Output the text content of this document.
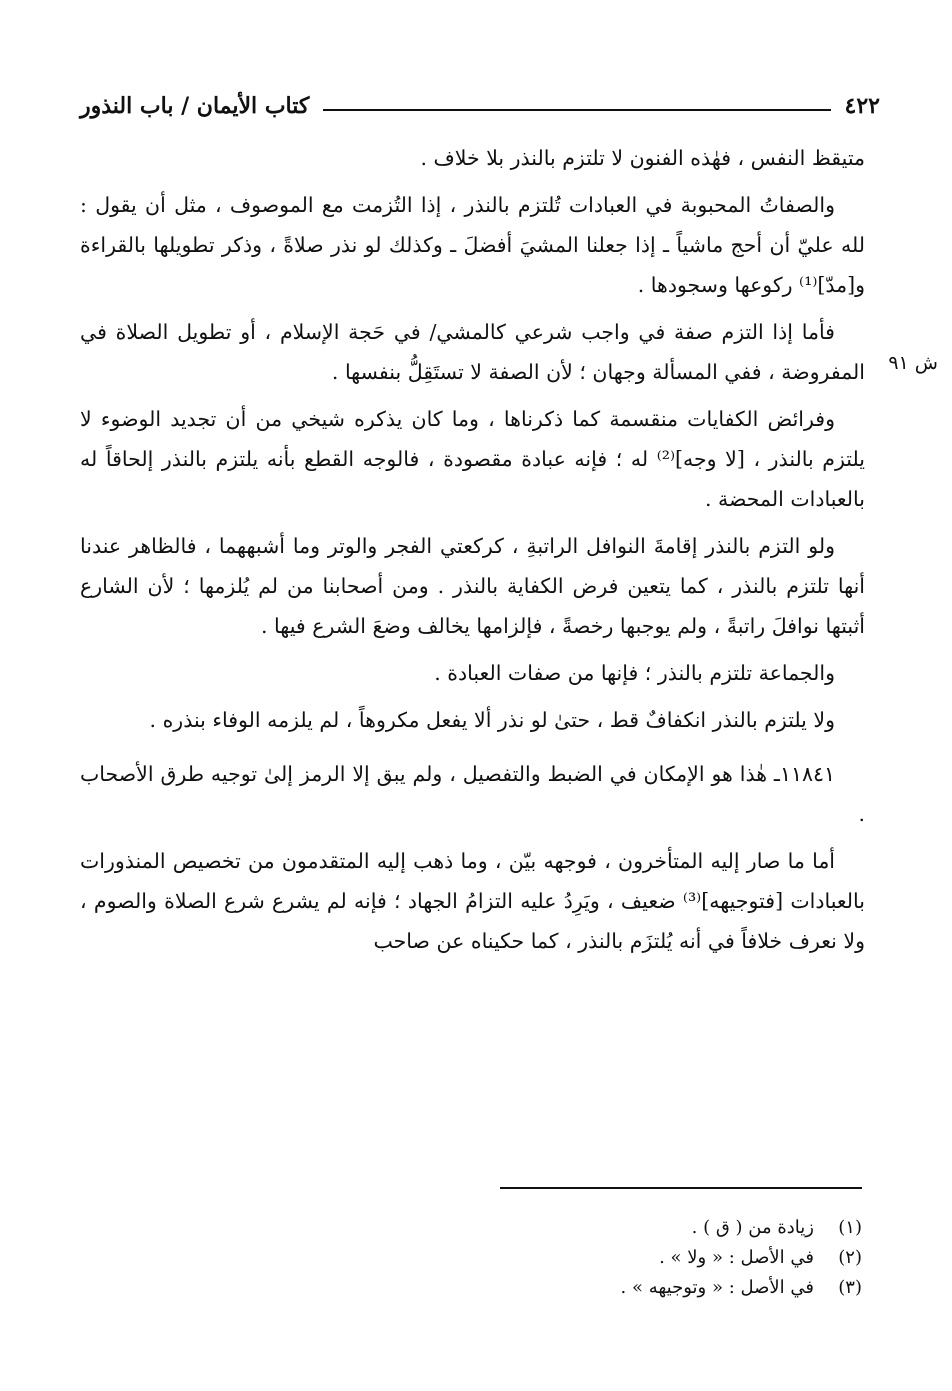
٤٢٢
كتاب الأيمان / باب النذور
ش ٩١

متيقظ النفس ، فهٰذه الفنون لا تلتزم بالنذر بلا خلاف .

والصفاتُ المحبوبة في العبادات تُلتزم بالنذر ، إذا التُزمت مع الموصوف ، مثل أن يقول : لله عليّ أن أحج ماشياً ـ إذا جعلنا المشيَ أفضلَ ـ وكذلك لو نذر صلاةً ، وذكر تطويلها بالقراءة و[مدّ]⁽¹⁾ ركوعها وسجودها .

فأما إذا التزم صفة في واجب شرعي كالمشي/ في حَجة الإسلام ، أو تطويل الصلاة في المفروضة ، ففي المسألة وجهان ؛ لأن الصفة لا تستَقِلُّ بنفسها .

وفرائض الكفايات منقسمة كما ذكرناها ، وما كان يذكره شيخي من أن تجديد الوضوء لا يلتزم بالنذر ، [لا وجه]⁽²⁾ له ؛ فإنه عبادة مقصودة ، فالوجه القطع بأنه يلتزم بالنذر إلحاقاً له بالعبادات المحضة .

ولو التزم بالنذر إقامةَ النوافل الراتبةِ ، كركعتي الفجر والوتر وما أشبههما ، فالظاهر عندنا أنها تلتزم بالنذر ، كما يتعين فرض الكفاية بالنذر . ومن أصحابنا من لم يُلزمها ؛ لأن الشارع أثبتها نوافلَ راتبةً ، ولم يوجبها رخصةً ، فإلزامها يخالف وضعَ الشرع فيها .

والجماعة تلتزم بالنذر ؛ فإنها من صفات العبادة .

ولا يلتزم بالنذر انكفافٌ قط ، حتىٰ لو نذر ألا يفعل مكروهاً ، لم يلزمه الوفاء بنذره .

١١٨٤١ـ هٰذا هو الإمكان في الضبط والتفصيل ، ولم يبق إلا الرمز إلىٰ توجيه طرق الأصحاب .

أما ما صار إليه المتأخرون ، فوجهه بيّن ، وما ذهب إليه المتقدمون من تخصيص المنذورات بالعبادات [فتوجيهه]⁽³⁾ ضعيف ، ويَرِدُ عليه التزامُ الجهاد ؛ فإنه لم يشرع شرع الصلاة والصوم ، ولا نعرف خلافاً في أنه يُلتزَم بالنذر ، كما حكيناه عن صاحب

(١)
زيادة من ( ق ) .
(٢)
في الأصل : « ولا » .
(٣)
في الأصل : « وتوجيهه » .
